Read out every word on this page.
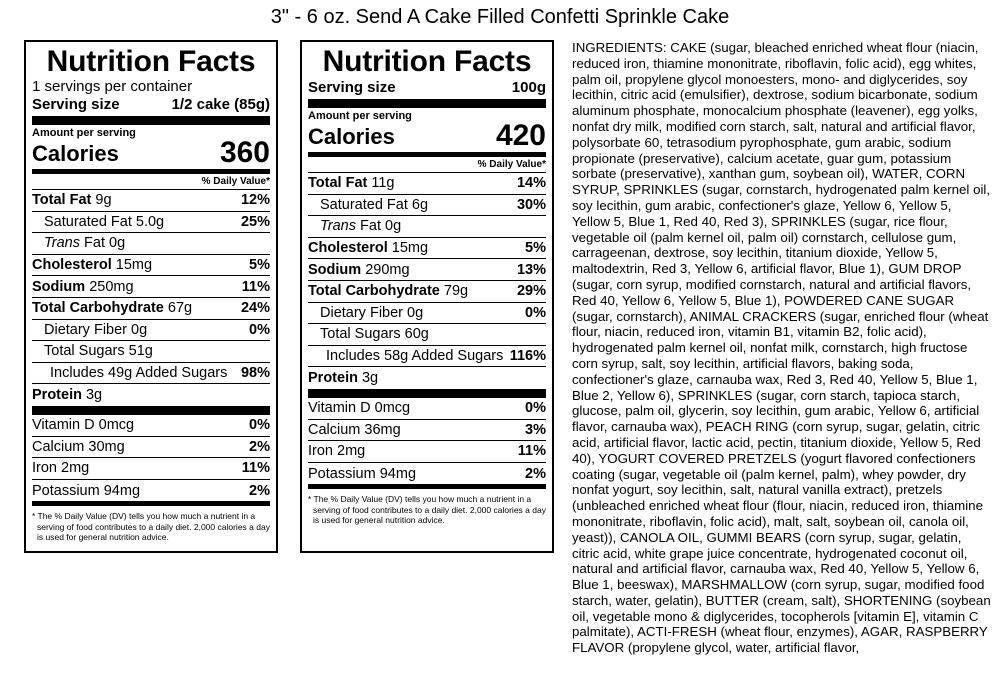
3" - 6 oz. Send A Cake Filled Confetti Sprinkle Cake
Nutrition Facts
1 servings per container
Serving size	1/2 cake (85g)
Amount per serving
Calories	360
% Daily Value*
Total Fat 9g	12%
Saturated Fat 5.0g	25%
Trans Fat 0g
Cholesterol 15mg	5%
Sodium 250mg	11%
Total Carbohydrate 67g	24%
Dietary Fiber 0g	0%
Total Sugars 51g
Includes 49g Added Sugars 98%
Protein 3g
Vitamin D 0mcg	0%
Calcium 30mg	2%
Iron 2mg	11%
Potassium 94mg	2%
* The % Daily Value (DV) tells you how much a nutrient in a serving of food contributes to a daily diet. 2,000 calories a day is used for general nutrition advice.
Nutrition Facts
Serving size	100g
Amount per serving
Calories	420
% Daily Value*
Total Fat 11g	14%
Saturated Fat 6g	30%
Trans Fat 0g
Cholesterol 15mg	5%
Sodium 290mg	13%
Total Carbohydrate 79g	29%
Dietary Fiber 0g	0%
Total Sugars 60g
Includes 58g Added Sugars 116%
Protein 3g
Vitamin D 0mcg	0%
Calcium 36mg	3%
Iron 2mg	11%
Potassium 94mg	2%
* The % Daily Value (DV) tells you how much a nutrient in a serving of food contributes to a daily diet. 2,000 calories a day is used for general nutrition advice.
INGREDIENTS: CAKE (sugar, bleached enriched wheat flour (niacin, reduced iron, thiamine mononitrate, riboflavin, folic acid), egg whites, palm oil, propylene glycol monoesters, mono- and diglycerides, soy lecithin, citric acid (emulsifier), dextrose, sodium bicarbonate, sodium aluminum phosphate, monocalcium phosphate (leavener), egg yolks, nonfat dry milk, modified corn starch, salt, natural and artificial flavor, polysorbate 60, tetrasodium pyrophosphate, gum arabic, sodium propionate (preservative), calcium acetate, guar gum, potassium sorbate (preservative), xanthan gum, soybean oil), WATER, CORN SYRUP, SPRINKLES (sugar, cornstarch, hydrogenated palm kernel oil, soy lecithin, gum arabic, confectioner's glaze, Yellow 6, Yellow 5, Yellow 5, Blue 1, Red 40, Red 3), SPRINKLES (sugar, rice flour, vegetable oil (palm kernel oil, palm oil) cornstarch, cellulose gum, carrageenan, dextrose, soy lecithin, titanium dioxide, Yellow 5, maltodextrin, Red 3, Yellow 6, artificial flavor, Blue 1), GUM DROP (sugar, corn syrup, modified cornstarch, natural and artificial flavors, Red 40, Yellow 6, Yellow 5, Blue 1), POWDERED CANE SUGAR (sugar, cornstarch), ANIMAL CRACKERS (sugar, enriched flour (wheat flour, niacin, reduced iron, vitamin B1, vitamin B2, folic acid), hydrogenated palm kernel oil, nonfat milk, cornstarch, high fructose corn syrup, salt, soy lecithin, artificial flavors, baking soda, confectioner's glaze, carnauba wax, Red 3, Red 40, Yellow 5, Blue 1, Blue 2, Yellow 6), SPRINKLES (sugar, corn starch, tapioca starch, glucose, palm oil, glycerin, soy lecithin, gum arabic, Yellow 6, artificial flavor, carnauba wax), PEACH RING (corn syrup, sugar, gelatin, citric acid, artificial flavor, lactic acid, pectin, titanium dioxide, Yellow 5, Red 40), YOGURT COVERED PRETZELS (yogurt flavored confectioners coating (sugar, vegetable oil (palm kernel, palm), whey powder, dry nonfat yogurt, soy lecithin, salt, natural vanilla extract), pretzels (unbleached enriched wheat flour (flour, niacin, reduced iron, thiamine mononitrate, riboflavin, folic acid), malt, salt, soybean oil, canola oil, yeast)), CANOLA OIL, GUMMI BEARS (corn syrup, sugar, gelatin, citric acid, white grape juice concentrate, hydrogenated coconut oil, natural and artificial flavor, carnauba wax, Red 40, Yellow 5, Yellow 6, Blue 1, beeswax), MARSHMALLOW (corn syrup, sugar, modified food starch, water, gelatin), BUTTER (cream, salt), SHORTENING (soybean oil, vegetable mono & diglycerides, tocopherols [vitamin E], vitamin C palmitate), ACTI-FRESH (wheat flour, enzymes), AGAR, RASPBERRY FLAVOR (propylene glycol, water, artificial flavor,
